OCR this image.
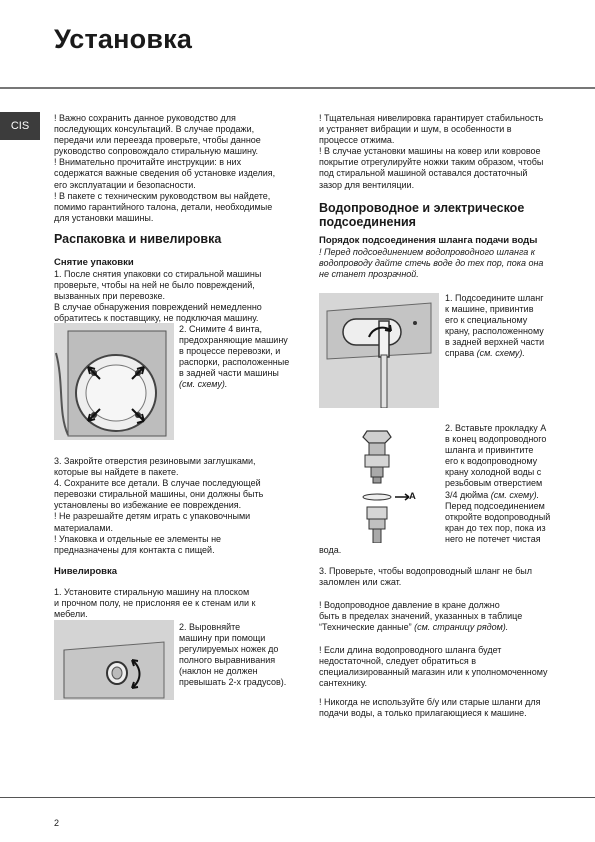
Установка
CIS
! Важно сохранить данное руководство для
последующих консультаций. В случае продажи,
передачи или переезда проверьте, чтобы данное
руководство сопровождало стиральную машину.
! Внимательно прочитайте инструкции: в них
содержатся важные сведения об установке изделия,
его эксплуатации и безопасности.
! В пакете с техническим руководством вы найдете,
помимо гарантийного талона, детали, необходимые
для установки машины.
Распаковка и нивелировка
Снятие упаковки
1. После снятия упаковки со стиральной машины
проверьте, чтобы на ней не было повреждений,
вызванных при перевозке.
В случае обнаружения повреждений немедленно
обратитесь к поставщику, не подключая машину.
2. Снимите 4 винта,
предохраняющие машину
в процессе перевозки, и
распорки, расположенные
в задней части машины
(см. схему).
3. Закройте отверстия резиновыми заглушками,
которые вы найдете в пакете.
4. Сохраните все детали. В случае последующей
перевозки стиральной машины, они должны быть
установлены во избежание ее повреждения.
! Не разрешайте детям играть с упаковочными
материалами.
! Упаковка и отдельные ее элементы не
предназначены для контакта с пищей.
Нивелировка
1. Установите стиральную машину на плоском
и прочном полу, не прислоняя ее к стенам или к
мебели.
2. Выровняйте
машину при помощи
регулируемых ножек до
полного выравнивания
(наклон не должен
превышать 2-х градусов).
! Тщательная нивелировка гарантирует стабильность
и устраняет вибрации и шум, в особенности в
процессе отжима.
! В случае установки машины на ковер или ковровое
покрытие отрегулируйте ножки таким образом, чтобы
под стиральной машиной оставался достаточный
зазор для вентиляции.
Водопроводное и электрическое
подсоединения
Порядок подсоединения шланга подачи воды
! Перед подсоединением водопроводного шланга к
водопроводу дайте стечь воде до тех пор, пока она
не станет прозрачной.
1. Подсоедините шланг
к машине, привинтив
его к специальному
крану, расположенному
в задней верхней части
справа (см. схему).
A
2. Вставьте прокладку А
в конец водопроводного
шланга и привинтите
его к водопроводному
крану холодной воды с
резьбовым отверстием
3/4 дюйма (см. схему).
Перед подсоединением
откройте водопроводный
кран до тех пор, пока из
него не потечет чистая
вода.
3. Проверьте, чтобы водопроводный шланг не был
заломлен или сжат.
! Водопроводное давление в кране должно
быть в пределах значений, указанных в таблице
“Технические данные” (см. страницу рядом).
! Если длина водопроводного шланга будет
недостаточной, следует обратиться в
специализированный магазин или к уполномоченному
сантехнику.
! Никогда не используйте б/у или старые шланги для
подачи воды, а только прилагающиеся к машине.
2
